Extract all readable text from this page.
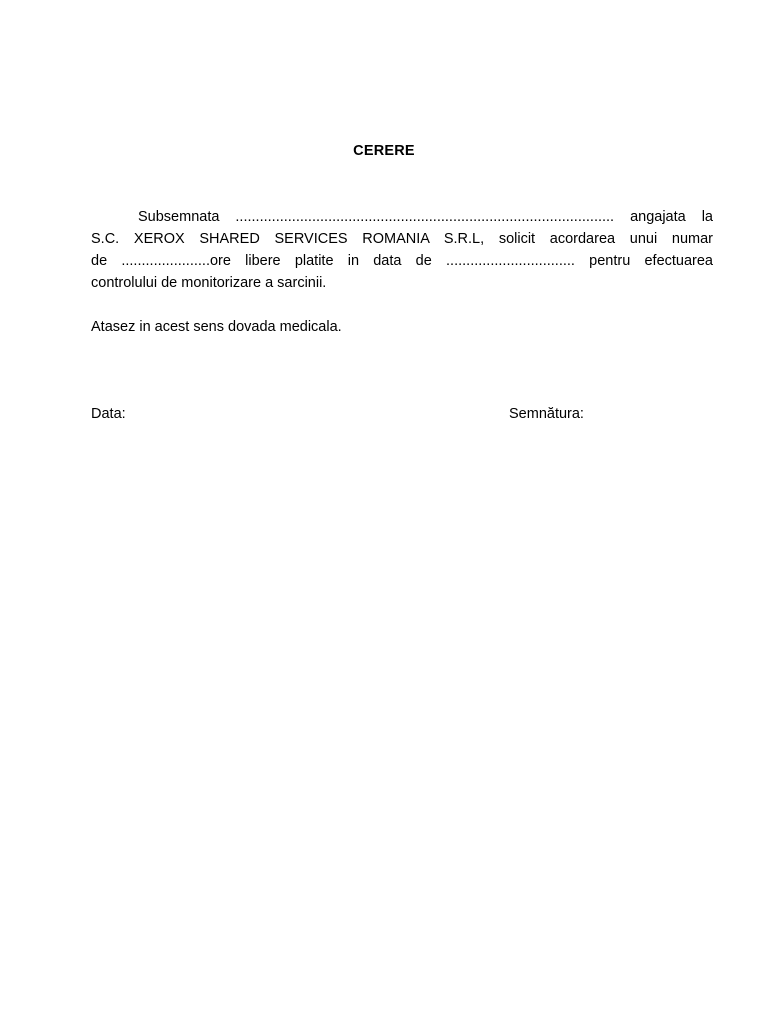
CERERE
Subsemnata .............................................................................................. angajata la
S.C. XEROX SHARED SERVICES ROMANIA S.R.L, solicit acordarea unui numar
de ......................ore libere platite in data de ................................ pentru efectuarea
controlului de monitorizare a sarcinii.
Atasez in acest sens dovada medicala.
Data:	Semnătura:
